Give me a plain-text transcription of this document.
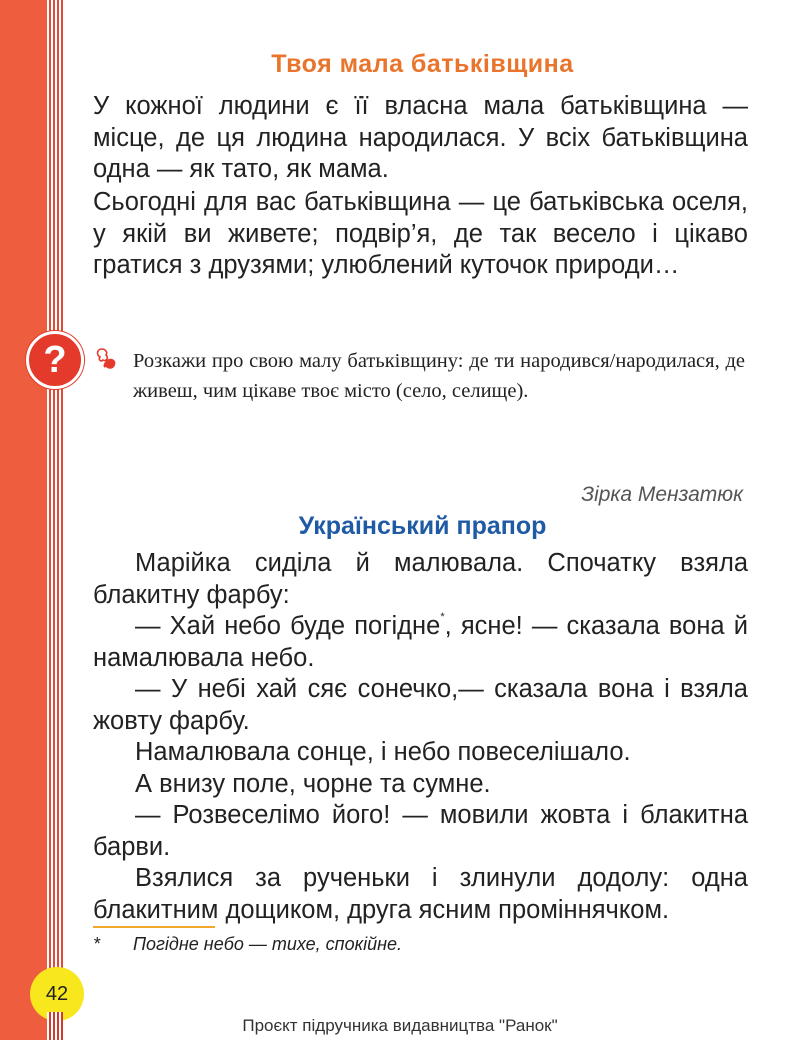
Твоя мала батьківщина
У кожної людини є її власна мала батьківщина — місце, де ця людина народилася. У всіх батьківщина одна — як тато, як мама.
Сьогодні для вас батьківщина — це батьківська оселя, у якій ви живете; подвір’я, де так весело і цікаво гратися з друзями; улюблений куточок природи…
?	Розкажи про свою малу батьківщину: де ти народився/народилася, де живеш, чим цікаве твоє місто (село, селище).
Зірка Мензатюк
Український прапор

Марійка сиділа й малювала. Спочатку взяла блакитну фарбу:

— Хай небо буде погідне*, ясне! — сказала вона й намалювала небо.

— У небі хай сяє сонечко,— сказала вона і взяла жовту фарбу.

Намалювала сонце, і небо повеселішало.

А внизу поле, чорне та сумне.

— Розвеселімо його! — мовили жовта і блакитна барви.

Взялися за рученьки і злинули додолу: одна блакитним дощиком, друга ясним проміннячком.

* Погідне небо — тихе, спокійне.
42
Проєкт підручника видавництва "Ранок"
